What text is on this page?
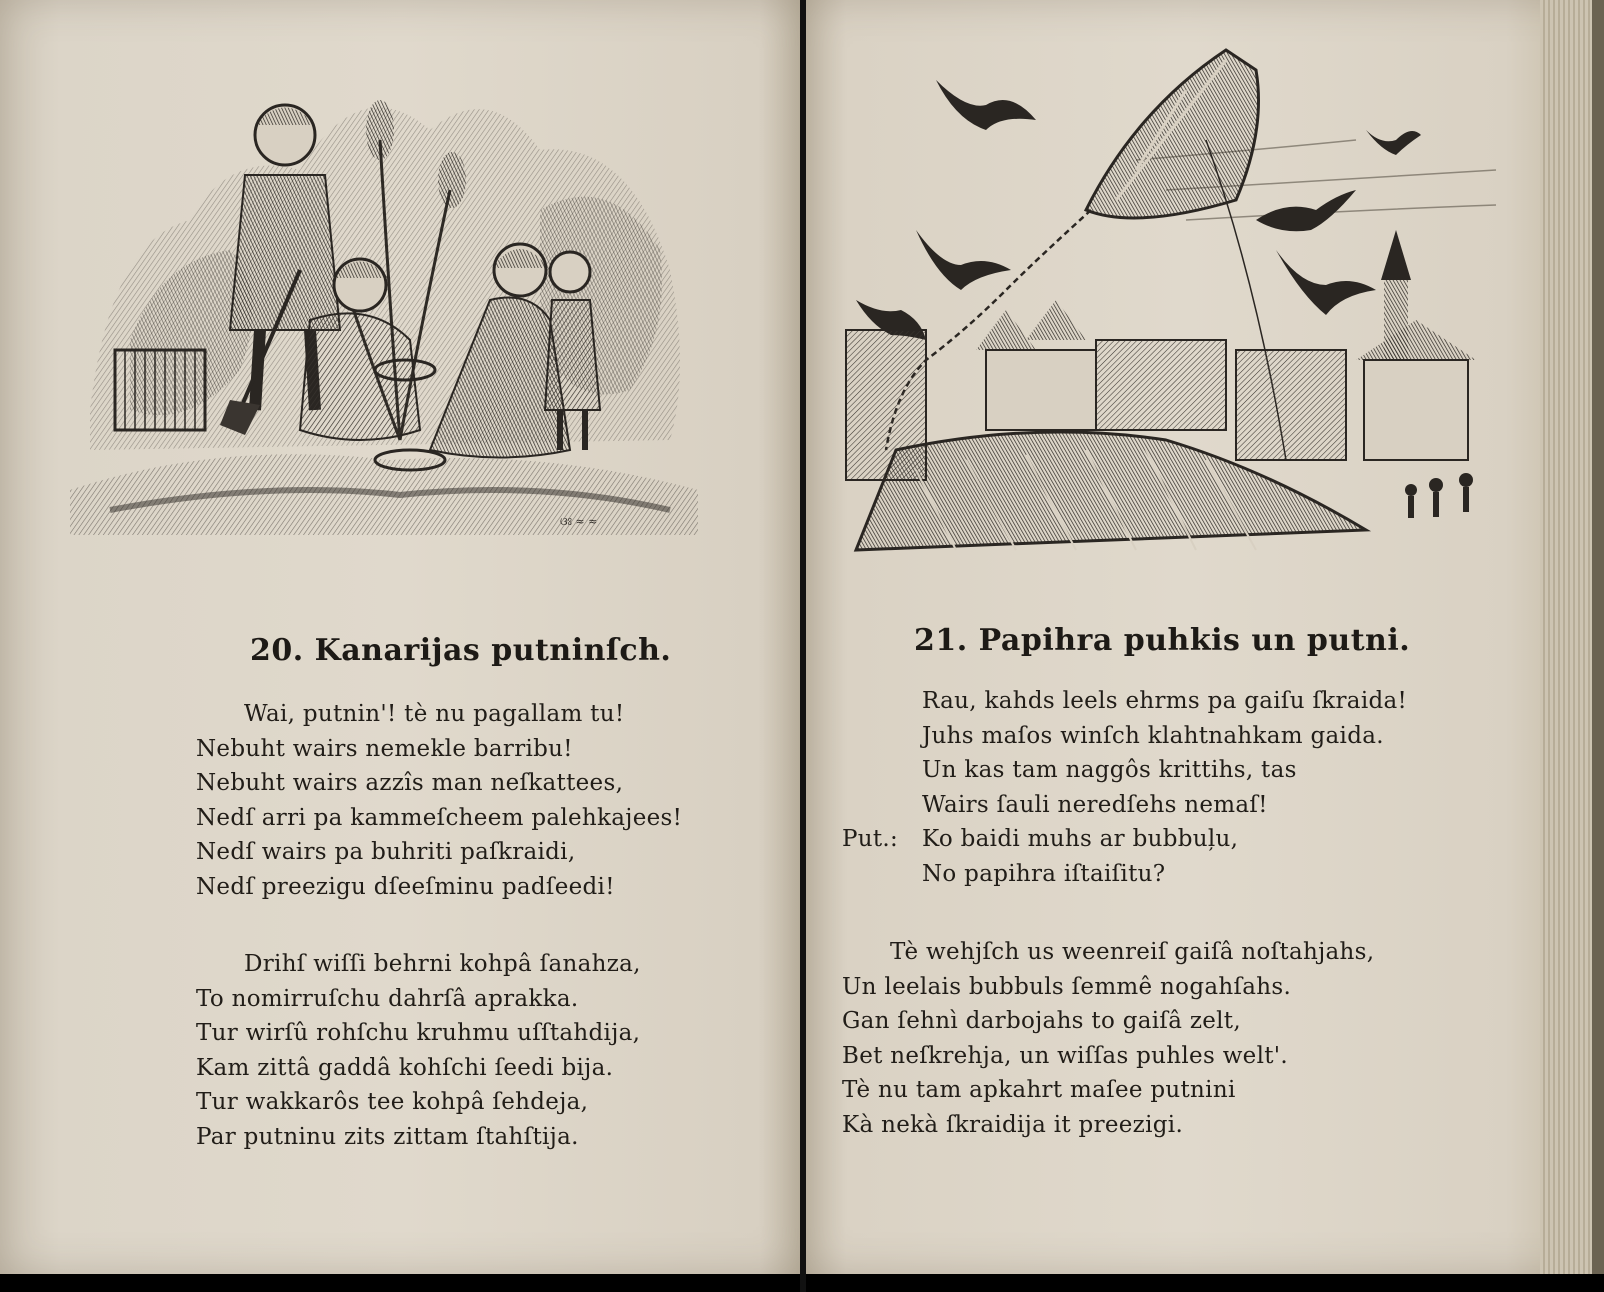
ଓଃ ≈ ≈
20. Kanarijas putninſch.
Wai, putnin'! tè nu pagallam tu!
Nebuht wairs nemekle barribu!
Nebuht wairs azzîs man neſkattees,
Nedſ arri pa kammeſcheem palehkajees!
Nedſ wairs pa buhriti paſkraidi,
Nedſ preezigu dſeeſminu padſeedi!
Drihſ wiſſi behrni kohpâ ſanahza,
To nomirruſchu dahrſâ aprakka.
Tur wirſû rohſchu kruhmu uſſtahdija,
Kam zittâ gaddâ kohſchi ſeedi bija.
Tur wakkarôs tee kohpâ ſehdeja,
Par putninu zits zittam ſtahſtija.
21. Papihra puhkis un putni.
Rau, kahds leels ehrms pa gaiſu ſkraida!
Juhs maſos winſch klahtnahkam gaida.
Un kas tam naggôs krittihs, tas
Wairs ſauli neredſehs nemaſ!
Put.: Ko baidi muhs ar bubbuļu,
No papihra iſtaiſitu?
Tè wehjſch us weenreiſ gaiſâ noſtahjahs,
Un leelais bubbuls ſemmê nogahſahs.
Gan ſehnì darbojahs to gaiſâ zelt,
Bet neſkrehja, un wiſſas puhles welt'.
Tè nu tam apkahrt maſee putnini
Kà nekà ſkraidija it preezigi.
